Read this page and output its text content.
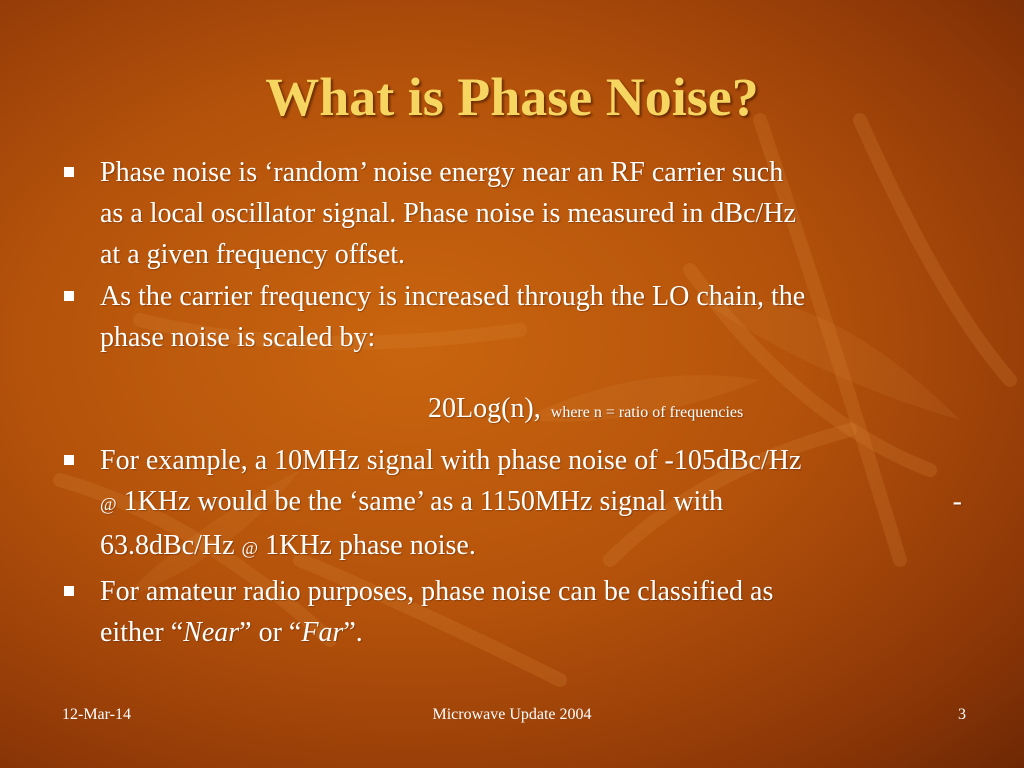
What is Phase Noise?
Phase noise is ‘random’ noise energy near an RF carrier such
as a local oscillator signal. Phase noise is measured in dBc/Hz
at a given frequency offset.
As the carrier frequency is increased through the LO chain, the
phase noise is scaled by:
20Log(n), where n = ratio of frequencies
For example, a 10MHz signal with phase noise of -105dBc/Hz
@ 1KHz would be the ‘same’ as a 1150MHz signal with	-
63.8dBc/Hz @ 1KHz phase noise.
For amateur radio purposes, phase noise can be classified as
either “Near” or “Far”.
12-Mar-14	Microwave Update 2004	3
